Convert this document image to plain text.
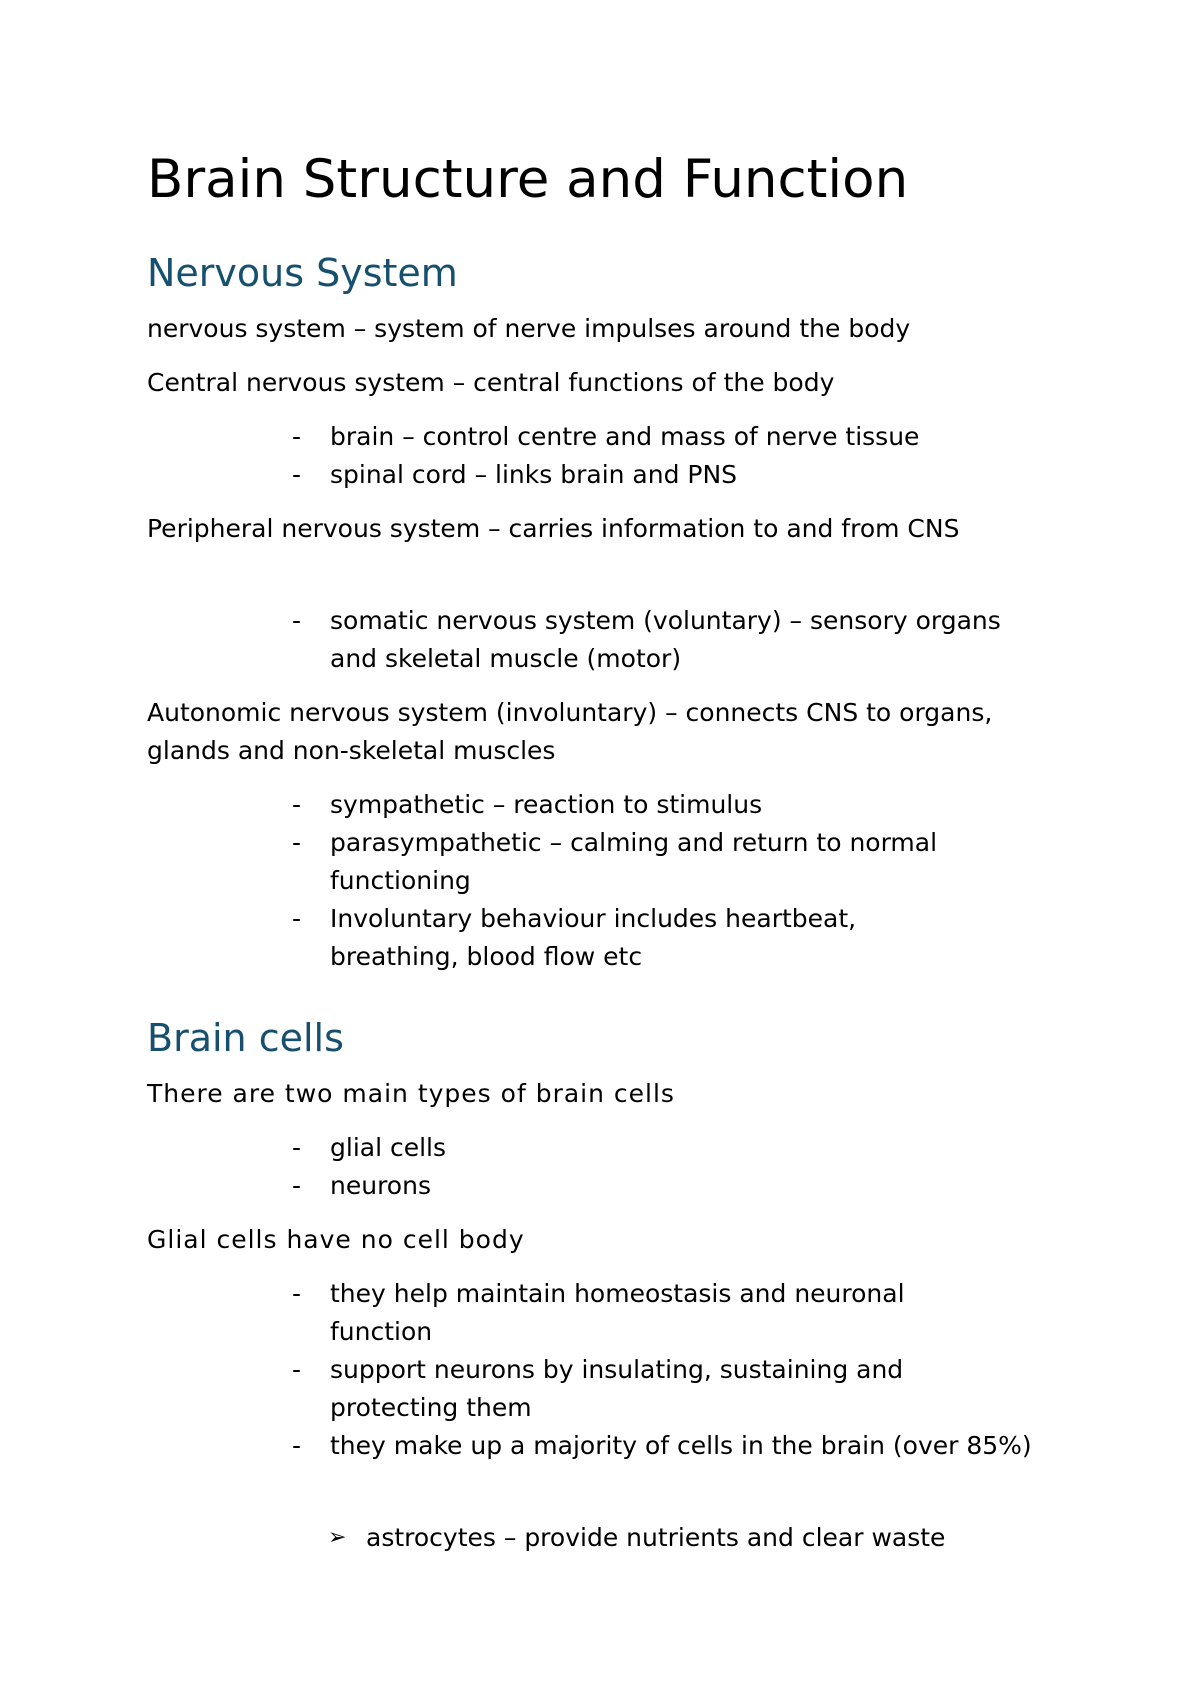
Brain Structure and Function
Nervous System

nervous system – system of nerve impulses around the body

Central nervous system – central functions of the body

- brain – control centre and mass of nerve tissue
- spinal cord – links brain and PNS

Peripheral nervous system – carries information to and from CNS

- somatic nervous system (voluntary) – sensory organs and skeletal muscle (motor)

Autonomic nervous system (involuntary) – connects CNS to organs, glands and non-skeletal muscles

- sympathetic – reaction to stimulus
- parasympathetic – calming and return to normal functioning
- Involuntary behaviour includes heartbeat, breathing, blood flow etc
Brain cells

There are two main types of brain cells

- glial cells
- neurons

Glial cells have no cell body

- they help maintain homeostasis and neuronal function
- support neurons by insulating, sustaining and protecting them
- they make up a majority of cells in the brain (over 85%)
➢ astrocytes – provide nutrients and clear waste
